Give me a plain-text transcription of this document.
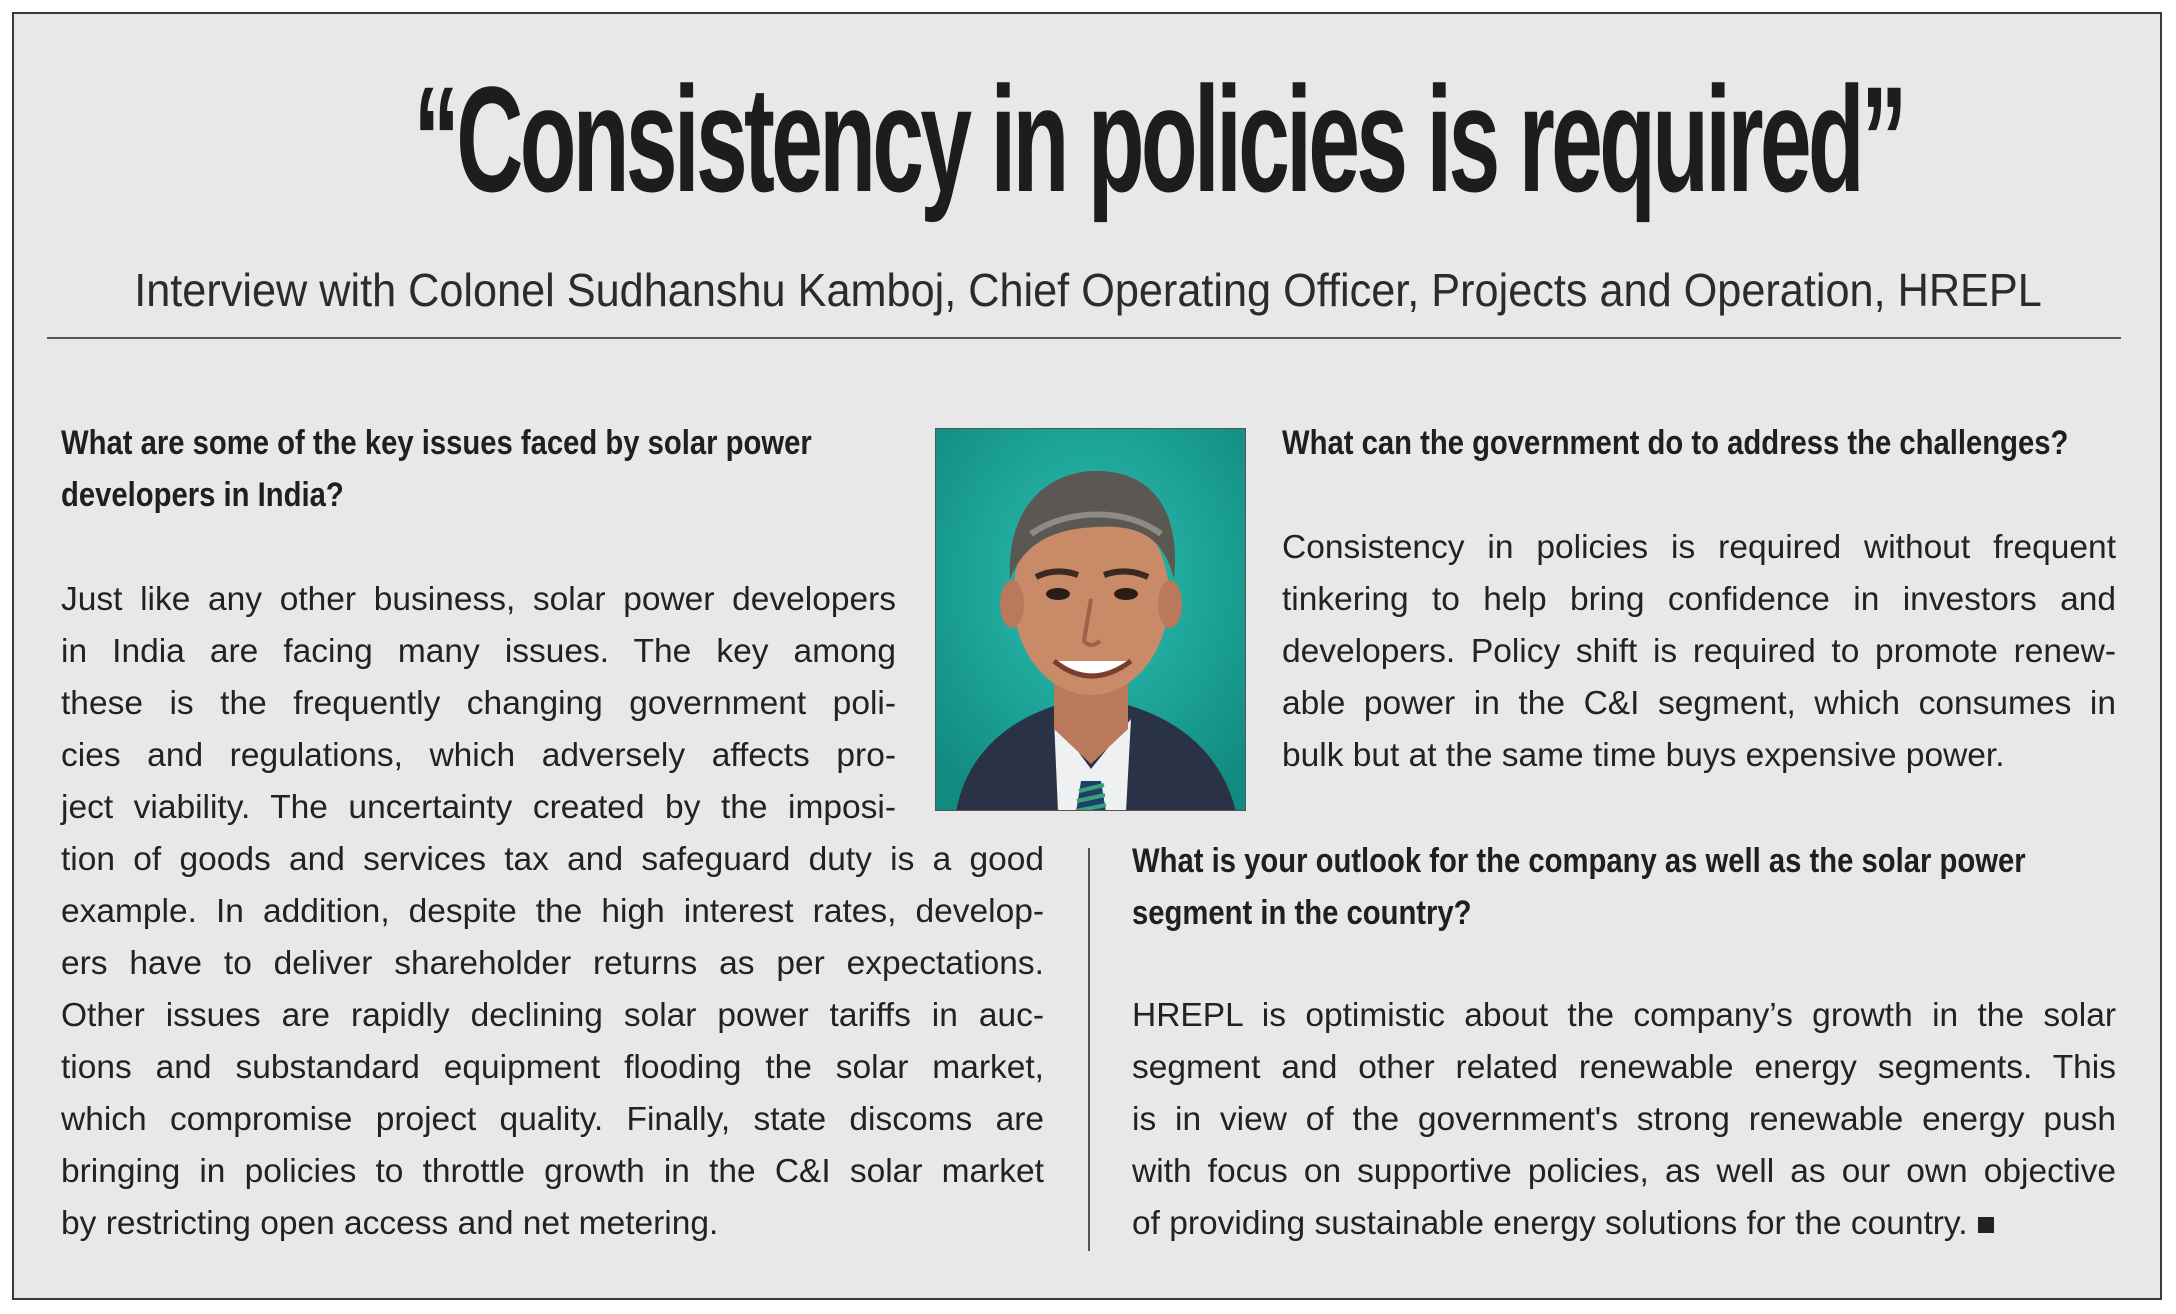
“Consistency in policies is required”
Interview with Colonel Sudhanshu Kamboj, Chief Operating Officer, Projects and Operation, HREPL
What are some of the key issues faced by solar power
developers in India?
Just like any other business, solar power developers
in India are facing many issues. The key among
these is the frequently changing government poli-
cies and regulations, which adversely affects pro-
ject viability. The uncertainty created by the imposi-
tion of goods and services tax and safeguard duty is a good
example. In addition, despite the high interest rates, develop-
ers have to deliver shareholder returns as per expectations.
Other issues are rapidly declining solar power tariffs in auc-
tions and substandard equipment flooding the solar market,
which compromise project quality. Finally, state discoms are
bringing in policies to throttle growth in the C&I solar market
by restricting open access and net metering.
What can the government do to address the challenges?
Consistency in policies is required without frequent
tinkering to help bring confidence in investors and
developers. Policy shift is required to promote renew-
able power in the C&I segment, which consumes in
bulk but at the same time buys expensive power.
What is your outlook for the company as well as the solar power
segment in the country?
HREPL is optimistic about the company’s growth in the solar
segment and other related renewable energy segments. This
is in view of the government's strong renewable energy push
with focus on supportive policies, as well as our own objective
of providing sustainable energy solutions for the country.
